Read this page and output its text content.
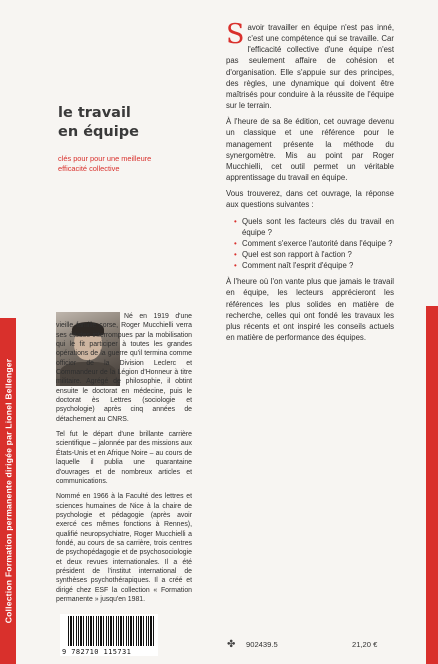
Collection Formation permanente dirigée par Lionel Bellenger
le travail
en équipe
clés pour pour une meilleure
efficacité collective

Né en 1919 d'une vieille famille corse, Roger Mucchielli verra ses études interrompues par la mobilisation qui le fit participer à toutes les grandes opérations de la guerre qu'il termina comme officier de la Division Leclerc et Commandeur de la Légion d'Honneur à titre militaire. Agrégé de philosophie, il obtint ensuite le doctorat en médecine, puis le doctorat ès Lettres (sociologie et psychologie) après cinq années de détachement au CNRS.

Tel fut le départ d'une brillante carrière scientifique – jalonnée par des missions aux États-Unis et en Afrique Noire – au cours de laquelle il publia une quarantaine d'ouvrages et de nombreux articles et communications.

Nommé en 1966 à la Faculté des lettres et sciences humaines de Nice à la chaire de psychologie et pédagogie (après avoir exercé ces mêmes fonctions à Rennes), qualifié neuropsychiatre, Roger Mucchielli a fondé, au cours de sa carrière, trois centres de psychopédagogie et de psychosociologie et deux revues internationales. Il a été président de l'institut international de synthèses psychothérapiques. Il a créé et dirigé chez ESF la collection « Formation permanente » jusqu'en 1981.

S avoir travailler en équipe n'est pas inné, c'est une compétence qui se travaille. Car l'efficacité collective d'une équipe n'est pas seulement affaire de cohésion et d'organisation. Elle s'appuie sur des principes, des règles, une dynamique qui doivent être maîtrisés pour conduire à la réussite de l'équipe sur le terrain.

À l'heure de sa 8e édition, cet ouvrage devenu un classique et une référence pour le management présente la méthode du synergomètre. Mis au point par Roger Mucchielli, cet outil permet un véritable apprentissage du travail en équipe.

Vous trouverez, dans cet ouvrage, la réponse aux questions suivantes :

• Quels sont les facteurs clés du travail en équipe ?
• Comment s'exerce l'autorité dans l'équipe ?
• Quel est son rapport à l'action ?
• Comment naît l'esprit d'équipe ?

À l'heure où l'on vante plus que jamais le travail en équipe, les lecteurs apprécieront les références les plus solides en matière de recherche, celles qui ont fondé les travaux les plus récents et ont inspiré les conseils actuels en matière de performance des équipes.

9 782710 115731
✤	902439.5	21,20 €
